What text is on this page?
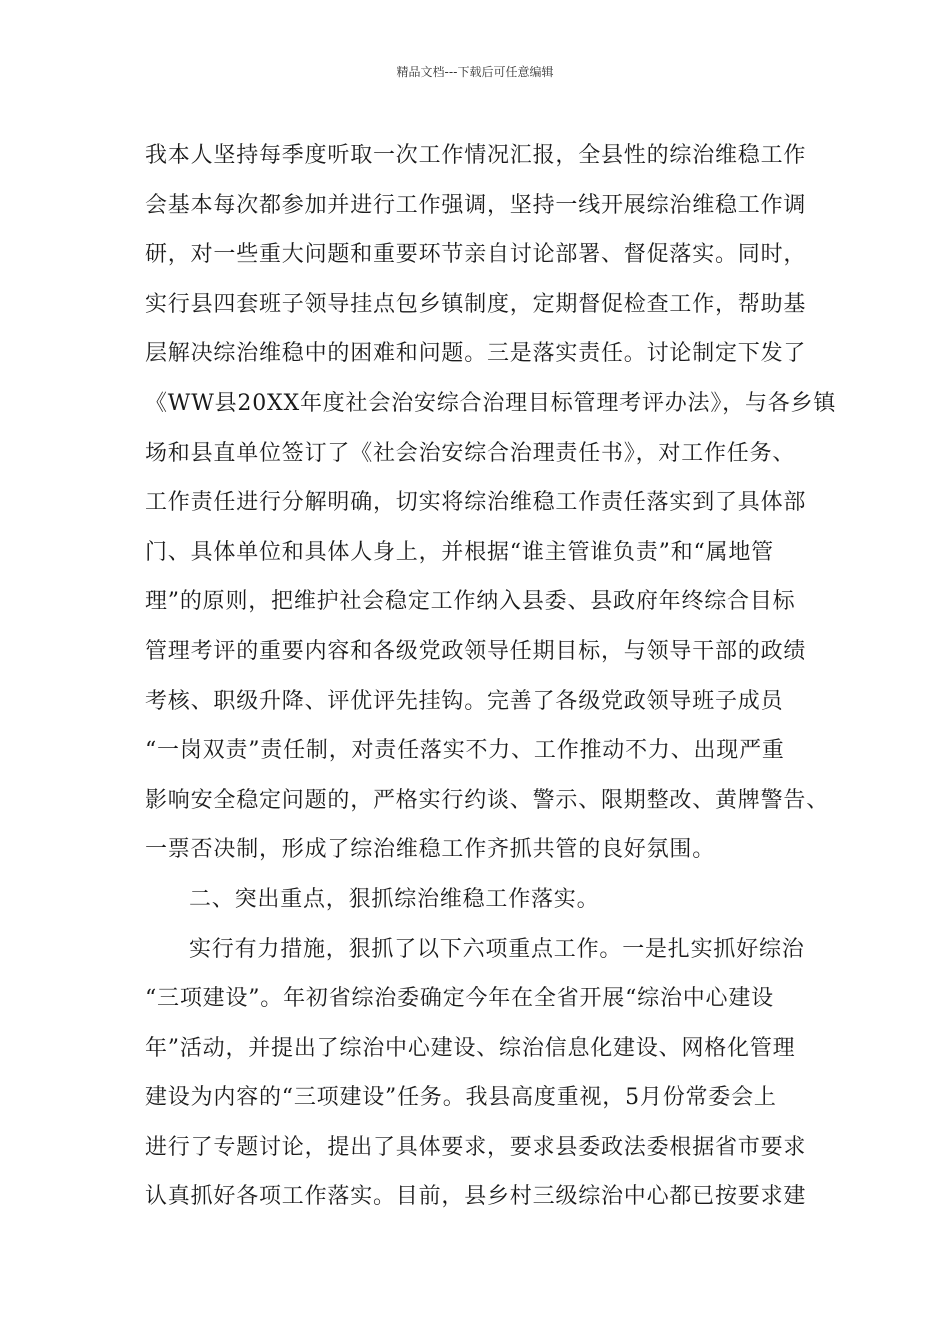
精品文档---下载后可任意编辑
我本人坚持每季度听取一次工作情况汇报，全县性的综治维稳工作
会基本每次都参加并进行工作强调，坚持一线开展综治维稳工作调
研，对一些重大问题和重要环节亲自讨论部署、督促落实。同时，
实行县四套班子领导挂点包乡镇制度，定期督促检查工作，帮助基
层解决综治维稳中的困难和问题。三是落实责任。讨论制定下发了
《WW县20XX年度社会治安综合治理目标管理考评办法》，与各乡镇
场和县直单位签订了《社会治安综合治理责任书》，对工作任务、
工作责任进行分解明确，切实将综治维稳工作责任落实到了具体部
门、具体单位和具体人身上，并根据“谁主管谁负责”和“属地管
理”的原则，把维护社会稳定工作纳入县委、县政府年终综合目标
管理考评的重要内容和各级党政领导任期目标，与领导干部的政绩
考核、职级升降、评优评先挂钩。完善了各级党政领导班子成员
“一岗双责”责任制，对责任落实不力、工作推动不力、出现严重
影响安全稳定问题的，严格实行约谈、警示、限期整改、黄牌警告、
一票否决制，形成了综治维稳工作齐抓共管的良好氛围。
二、突出重点，狠抓综治维稳工作落实。
实行有力措施，狠抓了以下六项重点工作。一是扎实抓好综治
“三项建设”。年初省综治委确定今年在全省开展“综治中心建设
年”活动，并提出了综治中心建设、综治信息化建设、网格化管理
建设为内容的“三项建设”任务。我县高度重视，5月份常委会上
进行了专题讨论，提出了具体要求，要求县委政法委根据省市要求
认真抓好各项工作落实。目前，县乡村三级综治中心都已按要求建
